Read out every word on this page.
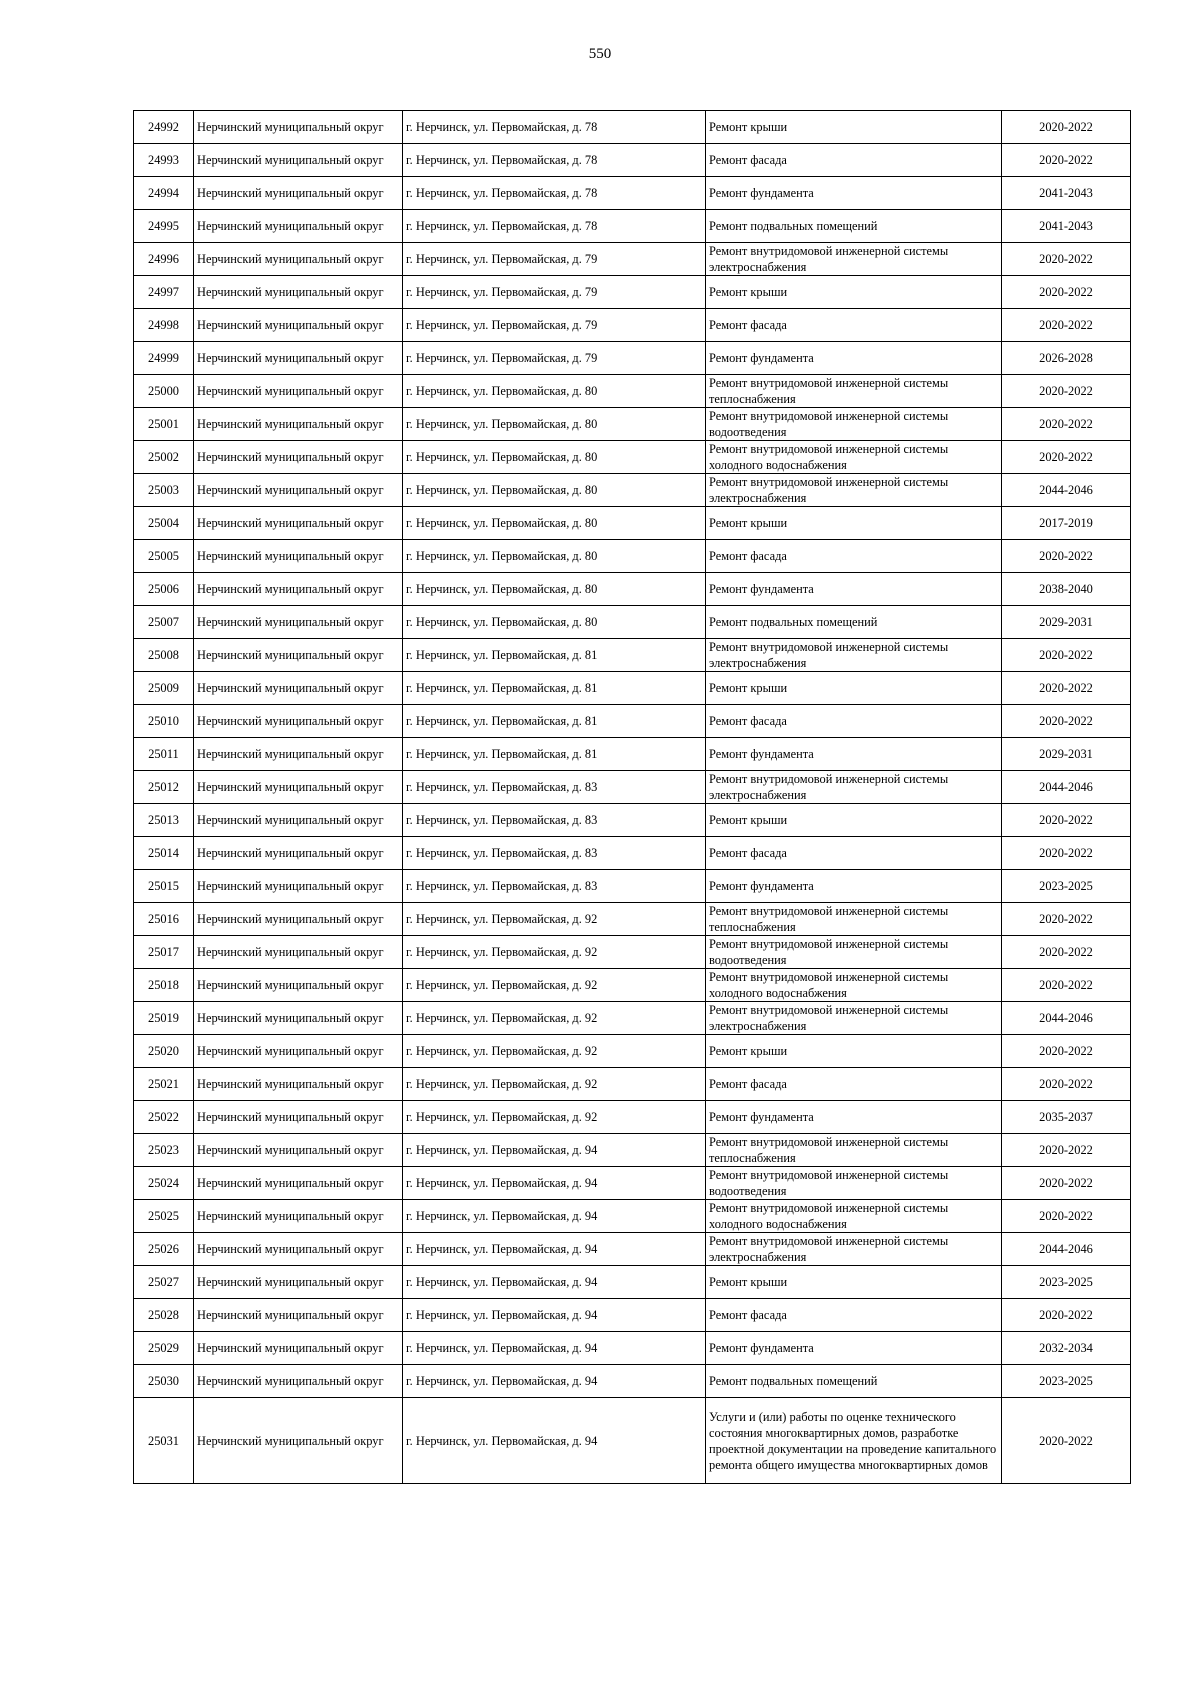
550
24992	Нерчинский муниципальный округ	г. Нерчинск, ул. Первомайская, д. 78	Ремонт крыши	2020-2022
24993	Нерчинский муниципальный округ	г. Нерчинск, ул. Первомайская, д. 78	Ремонт фасада	2020-2022
24994	Нерчинский муниципальный округ	г. Нерчинск, ул. Первомайская, д. 78	Ремонт фундамента	2041-2043
24995	Нерчинский муниципальный округ	г. Нерчинск, ул. Первомайская, д. 78	Ремонт подвальных помещений	2041-2043
24996	Нерчинский муниципальный округ	г. Нерчинск, ул. Первомайская, д. 79	Ремонт внутридомовой инженерной системы электроснабжения	2020-2022
24997	Нерчинский муниципальный округ	г. Нерчинск, ул. Первомайская, д. 79	Ремонт крыши	2020-2022
24998	Нерчинский муниципальный округ	г. Нерчинск, ул. Первомайская, д. 79	Ремонт фасада	2020-2022
24999	Нерчинский муниципальный округ	г. Нерчинск, ул. Первомайская, д. 79	Ремонт фундамента	2026-2028
25000	Нерчинский муниципальный округ	г. Нерчинск, ул. Первомайская, д. 80	Ремонт внутридомовой инженерной системы теплоснабжения	2020-2022
25001	Нерчинский муниципальный округ	г. Нерчинск, ул. Первомайская, д. 80	Ремонт внутридомовой инженерной системы водоотведения	2020-2022
25002	Нерчинский муниципальный округ	г. Нерчинск, ул. Первомайская, д. 80	Ремонт внутридомовой инженерной системы холодного водоснабжения	2020-2022
25003	Нерчинский муниципальный округ	г. Нерчинск, ул. Первомайская, д. 80	Ремонт внутридомовой инженерной системы электроснабжения	2044-2046
25004	Нерчинский муниципальный округ	г. Нерчинск, ул. Первомайская, д. 80	Ремонт крыши	2017-2019
25005	Нерчинский муниципальный округ	г. Нерчинск, ул. Первомайская, д. 80	Ремонт фасада	2020-2022
25006	Нерчинский муниципальный округ	г. Нерчинск, ул. Первомайская, д. 80	Ремонт фундамента	2038-2040
25007	Нерчинский муниципальный округ	г. Нерчинск, ул. Первомайская, д. 80	Ремонт подвальных помещений	2029-2031
25008	Нерчинский муниципальный округ	г. Нерчинск, ул. Первомайская, д. 81	Ремонт внутридомовой инженерной системы электроснабжения	2020-2022
25009	Нерчинский муниципальный округ	г. Нерчинск, ул. Первомайская, д. 81	Ремонт крыши	2020-2022
25010	Нерчинский муниципальный округ	г. Нерчинск, ул. Первомайская, д. 81	Ремонт фасада	2020-2022
25011	Нерчинский муниципальный округ	г. Нерчинск, ул. Первомайская, д. 81	Ремонт фундамента	2029-2031
25012	Нерчинский муниципальный округ	г. Нерчинск, ул. Первомайская, д. 83	Ремонт внутридомовой инженерной системы электроснабжения	2044-2046
25013	Нерчинский муниципальный округ	г. Нерчинск, ул. Первомайская, д. 83	Ремонт крыши	2020-2022
25014	Нерчинский муниципальный округ	г. Нерчинск, ул. Первомайская, д. 83	Ремонт фасада	2020-2022
25015	Нерчинский муниципальный округ	г. Нерчинск, ул. Первомайская, д. 83	Ремонт фундамента	2023-2025
25016	Нерчинский муниципальный округ	г. Нерчинск, ул. Первомайская, д. 92	Ремонт внутридомовой инженерной системы теплоснабжения	2020-2022
25017	Нерчинский муниципальный округ	г. Нерчинск, ул. Первомайская, д. 92	Ремонт внутридомовой инженерной системы водоотведения	2020-2022
25018	Нерчинский муниципальный округ	г. Нерчинск, ул. Первомайская, д. 92	Ремонт внутридомовой инженерной системы холодного водоснабжения	2020-2022
25019	Нерчинский муниципальный округ	г. Нерчинск, ул. Первомайская, д. 92	Ремонт внутридомовой инженерной системы электроснабжения	2044-2046
25020	Нерчинский муниципальный округ	г. Нерчинск, ул. Первомайская, д. 92	Ремонт крыши	2020-2022
25021	Нерчинский муниципальный округ	г. Нерчинск, ул. Первомайская, д. 92	Ремонт фасада	2020-2022
25022	Нерчинский муниципальный округ	г. Нерчинск, ул. Первомайская, д. 92	Ремонт фундамента	2035-2037
25023	Нерчинский муниципальный округ	г. Нерчинск, ул. Первомайская, д. 94	Ремонт внутридомовой инженерной системы теплоснабжения	2020-2022
25024	Нерчинский муниципальный округ	г. Нерчинск, ул. Первомайская, д. 94	Ремонт внутридомовой инженерной системы водоотведения	2020-2022
25025	Нерчинский муниципальный округ	г. Нерчинск, ул. Первомайская, д. 94	Ремонт внутридомовой инженерной системы холодного водоснабжения	2020-2022
25026	Нерчинский муниципальный округ	г. Нерчинск, ул. Первомайская, д. 94	Ремонт внутридомовой инженерной системы электроснабжения	2044-2046
25027	Нерчинский муниципальный округ	г. Нерчинск, ул. Первомайская, д. 94	Ремонт крыши	2023-2025
25028	Нерчинский муниципальный округ	г. Нерчинск, ул. Первомайская, д. 94	Ремонт фасада	2020-2022
25029	Нерчинский муниципальный округ	г. Нерчинск, ул. Первомайская, д. 94	Ремонт фундамента	2032-2034
25030	Нерчинский муниципальный округ	г. Нерчинск, ул. Первомайская, д. 94	Ремонт подвальных помещений	2023-2025
25031	Нерчинский муниципальный округ	г. Нерчинск, ул. Первомайская, д. 94	Услуги и (или) работы по оценке технического состояния многоквартирных домов, разработке проектной документации на проведение капитального ремонта общего имущества многоквартирных домов	2020-2022
